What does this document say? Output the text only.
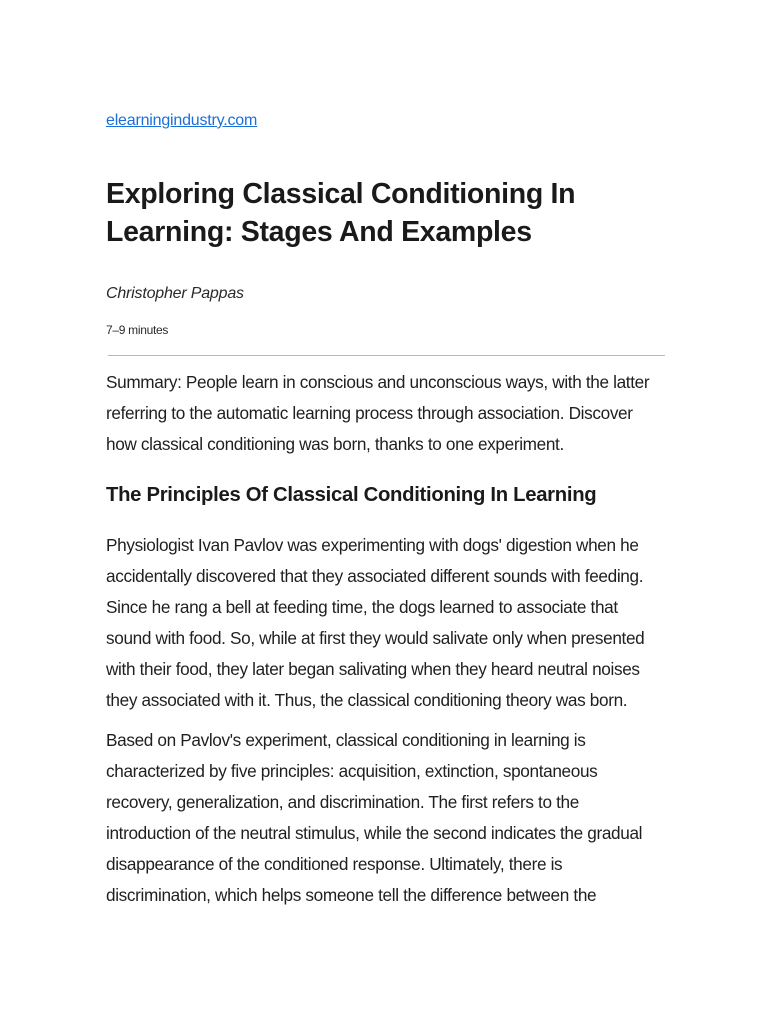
elearningindustry.com
Exploring Classical Conditioning In Learning: Stages And Examples
Christopher Pappas
7–9 minutes

Summary: People learn in conscious and unconscious ways, with the latter referring to the automatic learning process through association. Discover how classical conditioning was born, thanks to one experiment.

The Principles Of Classical Conditioning In Learning

Physiologist Ivan Pavlov was experimenting with dogs' digestion when he accidentally discovered that they associated different sounds with feeding. Since he rang a bell at feeding time, the dogs learned to associate that sound with food. So, while at first they would salivate only when presented with their food, they later began salivating when they heard neutral noises they associated with it. Thus, the classical conditioning theory was born.

Based on Pavlov's experiment, classical conditioning in learning is characterized by five principles: acquisition, extinction, spontaneous recovery, generalization, and discrimination. The first refers to the introduction of the neutral stimulus, while the second indicates the gradual disappearance of the conditioned response. Ultimately, there is discrimination, which helps someone tell the difference between the
